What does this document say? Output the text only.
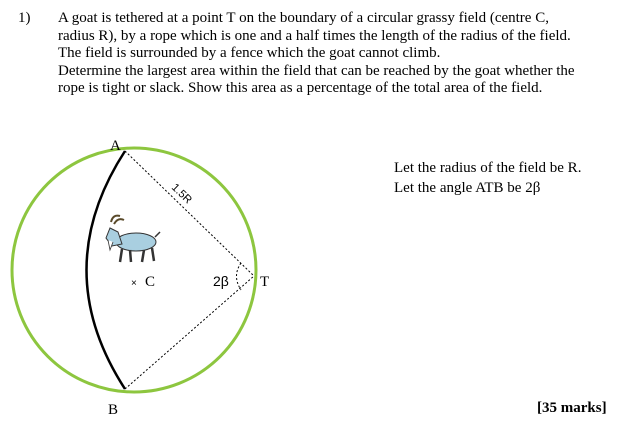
1) A goat is tethered at a point T on the boundary of a circular grassy field (centre C,

radius R), by a rope which is one and a half times the length of the radius of the field.

The field is surrounded by a fence which the goat cannot climb.

Determine the largest area within the field that can be reached by the goat whether the

rope is tight or slack. Show this area as a percentage of the total area of the field.

A
B
× C	T
2β
1.5R
Let the radius of the field be R.
Let the angle ATB be 2β
[35 marks]
